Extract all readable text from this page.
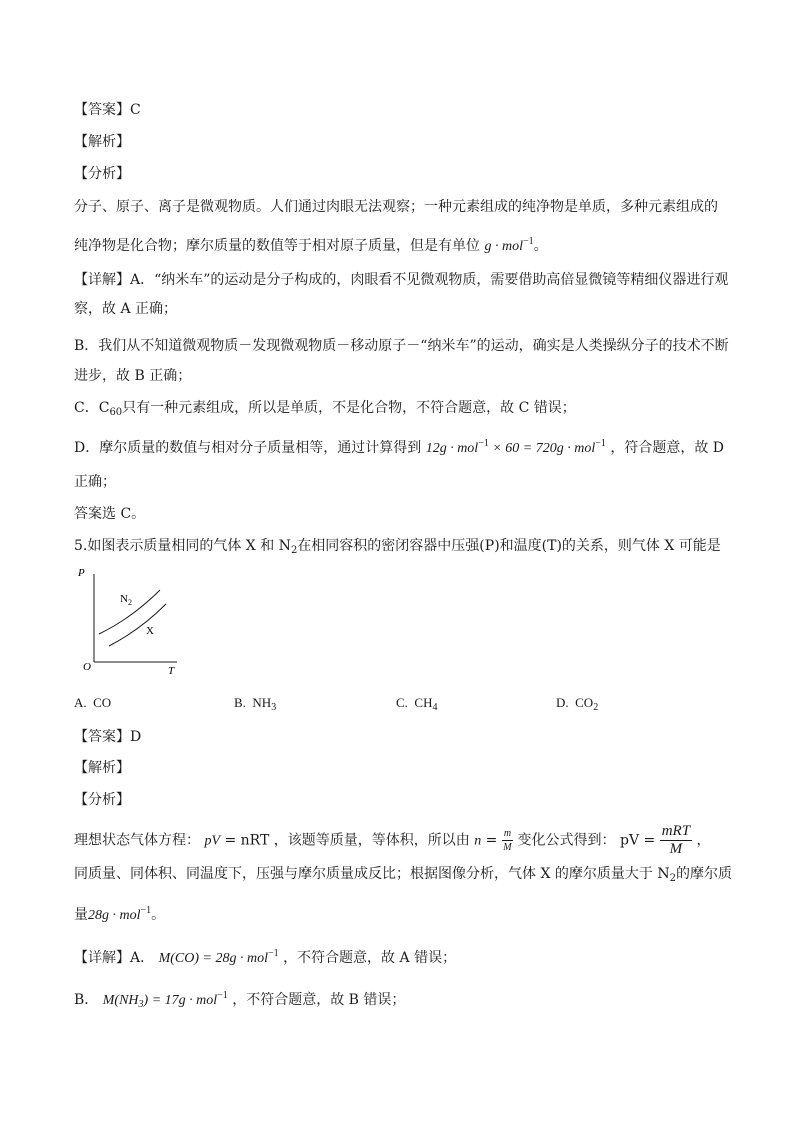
【答案】C
【解析】
【分析】
分子、原子、离子是微观物质。人们通过肉眼无法观察；一种元素组成的纯净物是单质，多种元素组成的
纯净物是化合物；摩尔质量的数值等于相对原子质量，但是有单位 g · mol$^{-1}$。
【详解】A．“纳米车”的运动是分子构成的，肉眼看不见微观物质，需要借助高倍显微镜等精细仪器进行观
察，故 A 正确；
B．我们从不知道微观物质－发现微观物质－移动原子－“纳米车”的运动，确实是人类操纵分子的技术不断
进步，故 B 正确；
C．$C_{60}$只有一种元素组成，所以是单质，不是化合物，不符合题意，故 C 错误；
D．摩尔质量的数值与相对分子质量相等，通过计算得到 12g · mol$^{-1}$ × 60 = 720g · mol$^{-1}$ ，符合题意，故 D
正确；
答案选 C。
5.如图表示质量相同的气体 X 和 $N_2$在相同容积的密闭容器中压强(P)和温度(T)的关系，则气体 X 可能是
P
T
O
$N_2$
X
A. CO	B. $NH_3$	C. $CH_4$	D. $CO_2$
【答案】D
【解析】
【分析】
理想状态气体方程： pV = nRT ，该题等质量，等体积，所以由 $n = \frac{m}{M}$ 变化公式得到： pV = $\frac{\text{mRT}}{M}$ ，
同质量、同体积、同温度下，压强与摩尔质量成反比；根据图像分析，气体 X 的摩尔质量大于 $N_2$的摩尔质
量28g · mol$^{-1}$。
【详解】A． M(CO) = 28g · mol$^{-1}$ ，不符合题意，故 A 错误；
B． $M(NH_3) = 17g \cdot mol^{-1}$ ，不符合题意，故 B 错误；
